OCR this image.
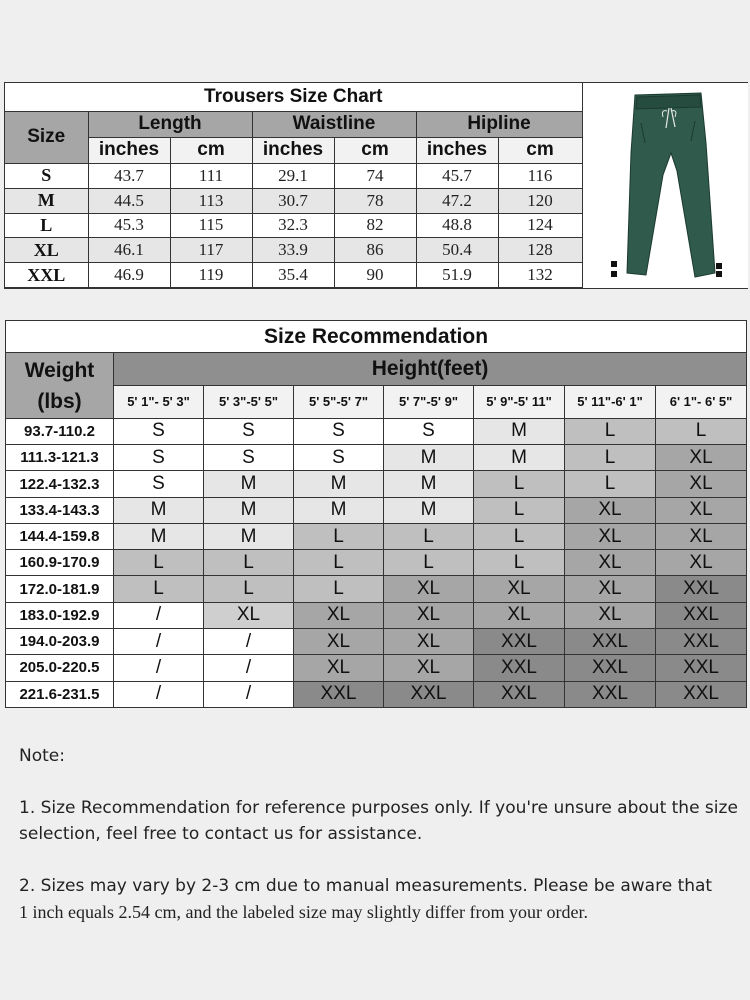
Trousers Size Chart						
Size	Length		Waistline		Hipline	
	inches	cm	inches	cm	inches	cm
S	43.7	111	29.1	74	45.7	116
M	44.5	113	30.7	78	47.2	120
L	45.3	115	32.3	82	48.8	124
XL	46.1	117	33.9	86	50.4	128
XXL	46.9	119	35.4	90	51.9	132
Size Recommendation							

Weight
(lbs)	Height(feet)						
	5' 1"- 5' 3"	5' 3"-5' 5"	5' 5"-5' 7"	5' 7"-5' 9"	5' 9"-5' 11"	5' 11"-6' 1"	6' 1"- 6' 5"
93.7-110.2	S	S	S	S	M	L	L
111.3-121.3	S	S	S	M	M	L	XL
122.4-132.3	S	M	M	M	L	L	XL
133.4-143.3	M	M	M	M	L	XL	XL
144.4-159.8	M	M	L	L	L	XL	XL
160.9-170.9	L	L	L	L	L	XL	XL
172.0-181.9	L	L	L	XL	XL	XL	XXL
183.0-192.9	/	XL	XL	XL	XL	XL	XXL
194.0-203.9	/	/	XL	XL	XXL	XXL	XXL
205.0-220.5	/	/	XL	XL	XXL	XXL	XXL
221.6-231.5	/	/	XXL	XXL	XXL	XXL	XXL

Note:

1. Size Recommendation for reference purposes only. If you're unsure about the size selection, feel free to contact us for assistance.

2. Sizes may vary by 2-3 cm due to manual measurements. Please be aware that
1 inch equals 2.54 cm, and the labeled size may slightly differ from your order.
